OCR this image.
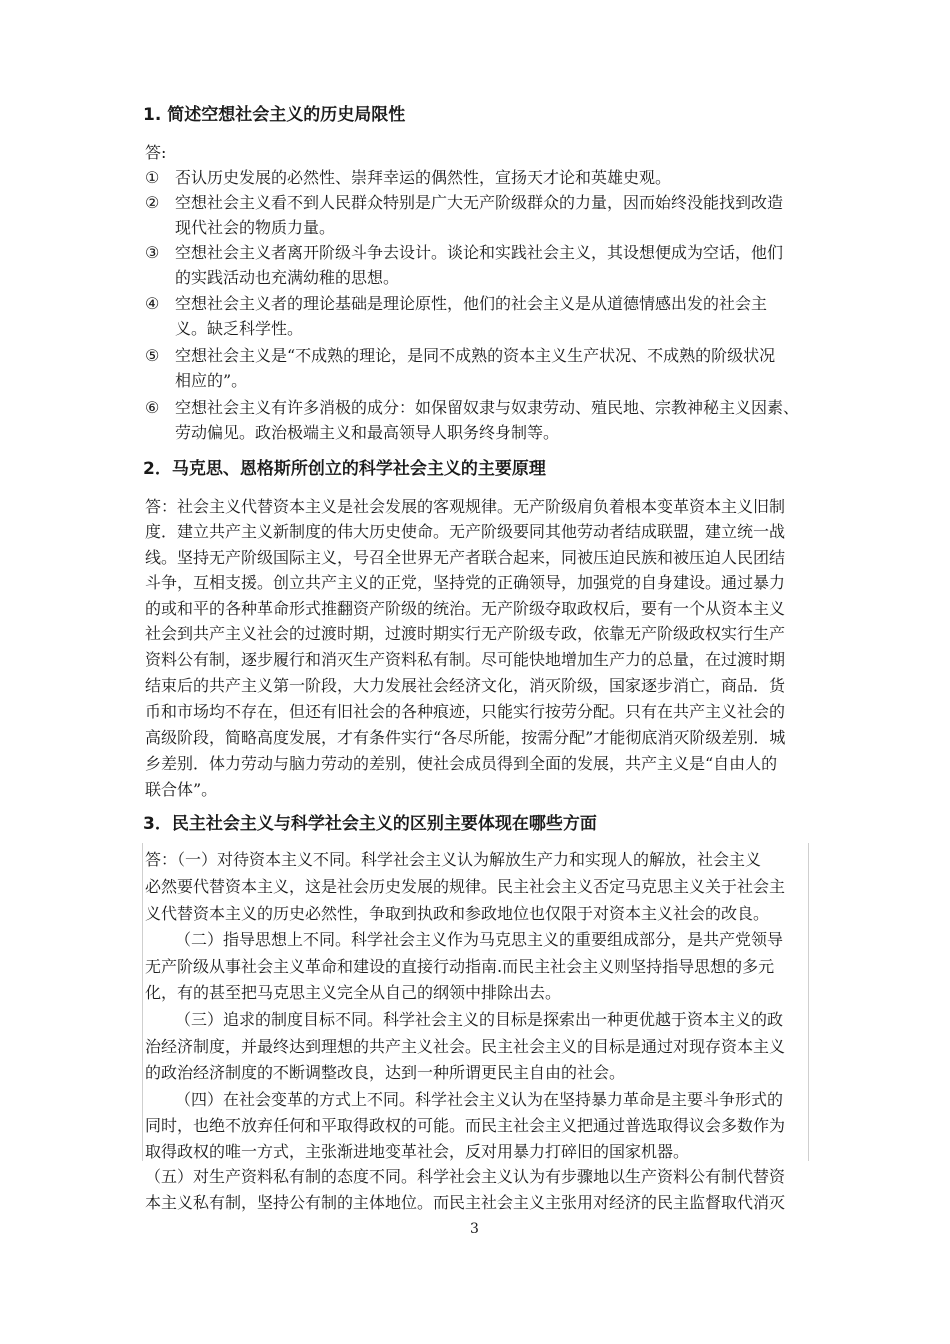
1. 简述空想社会主义的历史局限性
答:
① 否认历史发展的必然性、崇拜幸运的偶然性，宣扬天才论和英雄史观。
② 空想社会主义看不到人民群众特别是广大无产阶级群众的力量，因而始终没能找到改造
现代社会的物质力量。
③ 空想社会主义者离开阶级斗争去设计。谈论和实践社会主义，其设想便成为空话，他们
的实践活动也充满幼稚的思想。
④ 空想社会主义者的理论基础是理论原性，他们的社会主义是从道德情感出发的社会主
义。缺乏科学性。
⑤ 空想社会主义是“不成熟的理论，是同不成熟的资本主义生产状况、不成熟的阶级状况
相应的”。
⑥ 空想社会主义有许多消极的成分：如保留奴隶与奴隶劳动、殖民地、宗教神秘主义因素、
劳动偏见。政治极端主义和最高领导人职务终身制等。
2．马克思、恩格斯所创立的科学社会主义的主要原理
答：社会主义代替资本主义是社会发展的客观规律。无产阶级肩负着根本变革资本主义旧制
度．建立共产主义新制度的伟大历史使命。无产阶级要同其他劳动者结成联盟，建立统一战
线。坚持无产阶级国际主义，号召全世界无产者联合起来，同被压迫民族和被压迫人民团结
斗争，互相支援。创立共产主义的正党，坚持党的正确领导，加强党的自身建设。通过暴力
的或和平的各种革命形式推翻资产阶级的统治。无产阶级夺取政权后，要有一个从资本主义
社会到共产主义社会的过渡时期，过渡时期实行无产阶级专政，依靠无产阶级政权实行生产
资料公有制，逐步履行和消灭生产资料私有制。尽可能快地增加生产力的总量，在过渡时期
结束后的共产主义第一阶段，大力发展社会经济文化，消灭阶级，国家逐步消亡，商品．货
币和市场均不存在，但还有旧社会的各种痕迹，只能实行按劳分配。只有在共产主义社会的
高级阶段，简略高度发展，才有条件实行“各尽所能，按需分配”才能彻底消灭阶级差别．城
乡差别．体力劳动与脑力劳动的差别，使社会成员得到全面的发展，共产主义是“自由人的
联合体”。
3．民主社会主义与科学社会主义的区别主要体现在哪些方面
答：（一）对待资本主义不同。科学社会主义认为解放生产力和实现人的解放，社会主义
必然要代替资本主义，这是社会历史发展的规律。民主社会主义否定马克思主义关于社会主
义代替资本主义的历史必然性，争取到执政和参政地位也仅限于对资本主义社会的改良。
（二）指导思想上不同。科学社会主义作为马克思主义的重要组成部分，是共产党领导
无产阶级从事社会主义革命和建设的直接行动指南.而民主社会主义则坚持指导思想的多元
化，有的甚至把马克思主义完全从自己的纲领中排除出去。
（三）追求的制度目标不同。科学社会主义的目标是探索出一种更优越于资本主义的政
治经济制度，并最终达到理想的共产主义社会。民主社会主义的目标是通过对现存资本主义
的政治经济制度的不断调整改良，达到一种所谓更民主自由的社会。
（四）在社会变革的方式上不同。科学社会主义认为在坚持暴力革命是主要斗争形式的
同时，也绝不放弃任何和平取得政权的可能。而民主社会主义把通过普选取得议会多数作为
取得政权的唯一方式，主张渐进地变革社会，反对用暴力打碎旧的国家机器。
（五）对生产资料私有制的态度不同。科学社会主义认为有步骤地以生产资料公有制代替资
本主义私有制，坚持公有制的主体地位。而民主社会主义主张用对经济的民主监督取代消灭
3
